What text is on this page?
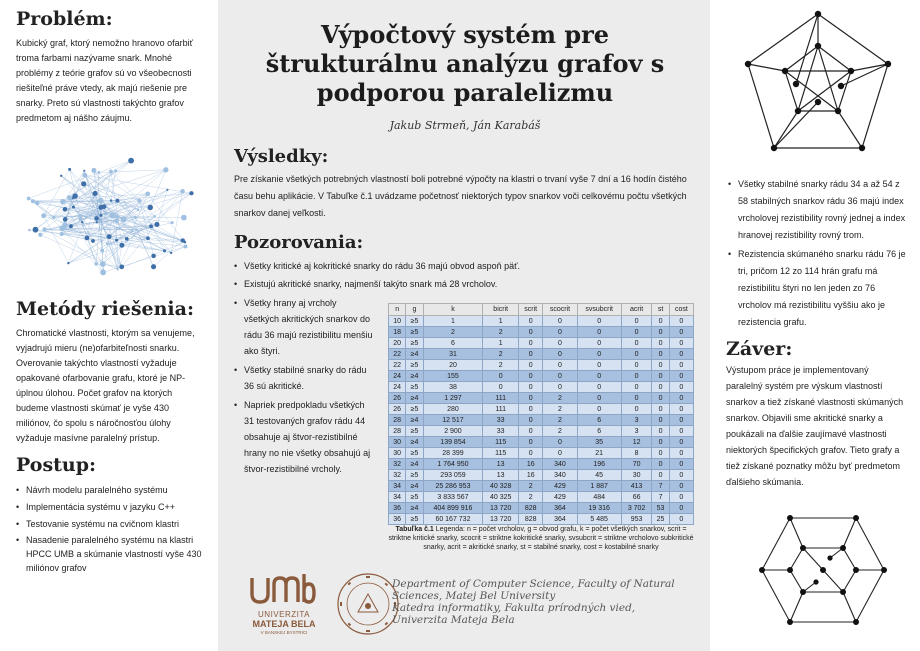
Problém:

Kubický graf, ktorý nemožno hranovo ofarbiť troma farbami nazývame snark. Mnohé problémy z teórie grafov sú vo všeobecnosti riešiteľné práve vtedy, ak majú riešenie pre snarky. Preto sú vlastnosti takýchto grafov predmetom aj nášho záujmu.

Metódy riešenia:

Chromatické vlastnosti, ktorým sa venujeme, vyjadrujú mieru (ne)ofarbiteľnosti snarku. Overovanie takýchto vlastností vyžaduje opakované ofarbovanie grafu, ktoré je NP-úplnou úlohou. Počet grafov na ktorých budeme vlastnosti skúmať je vyše 430 miliónov, čo spolu s náročnosťou úlohy vyžaduje masívne paralelný prístup.

Postup:
• Návrh modelu paralelného systému
• Implementácia systému v jazyku C++
• Testovanie systému na cvičnom klastri
• Nasadenie paralelného systému na klastri HPCC UMB a skúmanie vlastností vyše 430 miliónov grafov
Výpočtový systém pre štrukturálnu analýzu grafov s podporou paralelizmu
Jakub Strmeň, Ján Karabáš
Výsledky:

Pre získanie všetkých potrebných vlastností boli potrebné výpočty na klastri o trvaní vyše 7 dní a 16 hodín čistého času behu aplikácie. V Tabuľke č.1 uvádzame početnosť niektorých typov snarkov voči celkovému počtu všetkých snarkov danej veľkosti.

Pozorovania:
• Všetky kritické aj kokritické snarky do rádu 36 majú obvod aspoň päť.
• Existujú akritické snarky, najmenší takýto snark má 28 vrcholov.
• Všetky hrany aj vrcholy všetkých akritických snarkov do rádu 36 majú rezistibilitu menšiu ako štyri.
• Všetky stabilné snarky do rádu 36 sú akritické.
• Napriek predpokladu všetkých 31 testovaných grafov rádu 44 obsahuje aj štvor-rezistibilné hrany no nie všetky obsahujú aj štvor-rezistibilné vrcholy.
n	g	k	bicrit	scrit	scocrit	svsubcrit	acrit	st	cost
10	≥5	1	1	0	0	0	0	0	0
18	≥5	2	2	0	0	0	0	0	0
20	≥5	6	1	0	0	0	0	0	0
22	≥4	31	2	0	0	0	0	0	0
22	≥5	20	2	0	0	0	0	0	0
24	≥4	155	0	0	0	0	0	0	0
24	≥5	38	0	0	0	0	0	0	0
26	≥4	1 297	111	0	2	0	0	0	0
26	≥5	280	111	0	2	0	0	0	0
28	≥4	12 517	33	0	2	6	3	0	0
28	≥5	2 900	33	0	2	6	3	0	0
30	≥4	139 854	115	0	0	35	12	0	0
30	≥5	28 399	115	0	0	21	8	0	0
32	≥4	1 764 950	13	16	340	196	70	0	0
32	≥5	293 059	13	16	340	45	30	0	0
34	≥4	25 286 953	40 328	2	429	1 887	413	7	0
34	≥5	3 833 567	40 325	2	429	484	66	7	0
36	≥4	404 899 916	13 720	828	364	19 316	3 702	53	0
36	≥5	60 167 732	13 720	828	364	5 485	953	25	0
Tabuľka č.1 Legenda: n = počet vrcholov, g = obvod grafu, k = počet všetkých snarkov, scrit = striktne kritické snarky, scocrit = striktne kokritické snarky, svsubcrit = striktne vrcholovo subkritické snarky, acrit = akritické snarky, st = stabilné snarky, cost = kostabilné snarky
UNIVERZITA
MATEJA BELA
V BANSKEJ BYSTRICI
Department of Computer Science, Faculty of Natural
Sciences, Matej Bel University
Katedra informatiky, Fakulta prírodných vied,
Univerzita Mateja Bela
• Všetky stabilné snarky rádu 34 a až 54 z 58 stabilných snarkov rádu 36 majú index vrcholovej rezistibility rovný jednej a index hranovej rezistibility rovný trom.
• Rezistencia skúmaného snarku rádu 76 je tri, pričom 12 zo 114 hrán grafu má rezistibilitu štyri no len jeden zo 76 vrcholov má rezistibilitu vyššiu ako je rezistencia grafu.
Záver:

Výstupom práce je implementovaný paralelný systém pre výskum vlastností snarkov a tiež získané vlastnosti skúmaných snarkov. Objavili sme akritické snarky a poukázali na ďalšie zaujímavé vlastnosti niektorých špecifických grafov. Tieto grafy a tiež získané poznatky môžu byť predmetom ďalšieho skúmania.
